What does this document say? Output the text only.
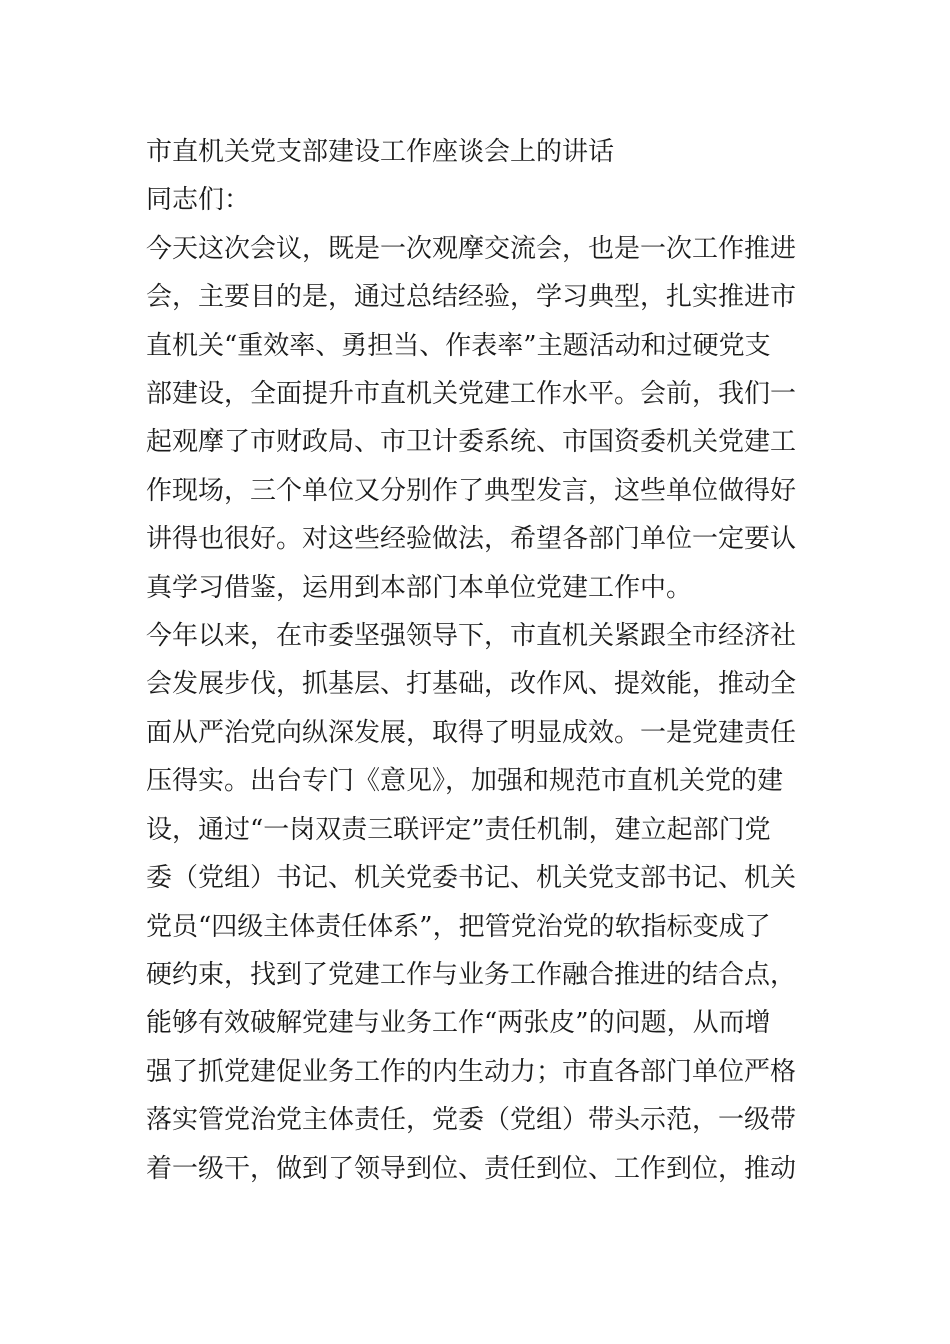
市直机关党支部建设工作座谈会上的讲话

同志们：

今天这次会议，既是一次观摩交流会，也是一次工作推进
会，主要目的是，通过总结经验，学习典型，扎实推进市
直机关“重效率、勇担当、作表率”主题活动和过硬党支
部建设，全面提升市直机关党建工作水平。会前，我们一
起观摩了市财政局、市卫计委系统、市国资委机关党建工
作现场，三个单位又分别作了典型发言，这些单位做得好
讲得也很好。对这些经验做法，希望各部门单位一定要认
真学习借鉴，运用到本部门本单位党建工作中。

今年以来，在市委坚强领导下，市直机关紧跟全市经济社
会发展步伐，抓基层、打基础，改作风、提效能，推动全
面从严治党向纵深发展，取得了明显成效。一是党建责任
压得实。出台专门《意见》，加强和规范市直机关党的建
设，通过“一岗双责三联评定”责任机制，建立起部门党
委（党组）书记、机关党委书记、机关党支部书记、机关
党员“四级主体责任体系”，把管党治党的软指标变成了
硬约束，找到了党建工作与业务工作融合推进的结合点，
能够有效破解党建与业务工作“两张皮”的问题，从而增
强了抓党建促业务工作的内生动力；市直各部门单位严格
落实管党治党主体责任，党委（党组）带头示范，一级带
着一级干，做到了领导到位、责任到位、工作到位，推动
